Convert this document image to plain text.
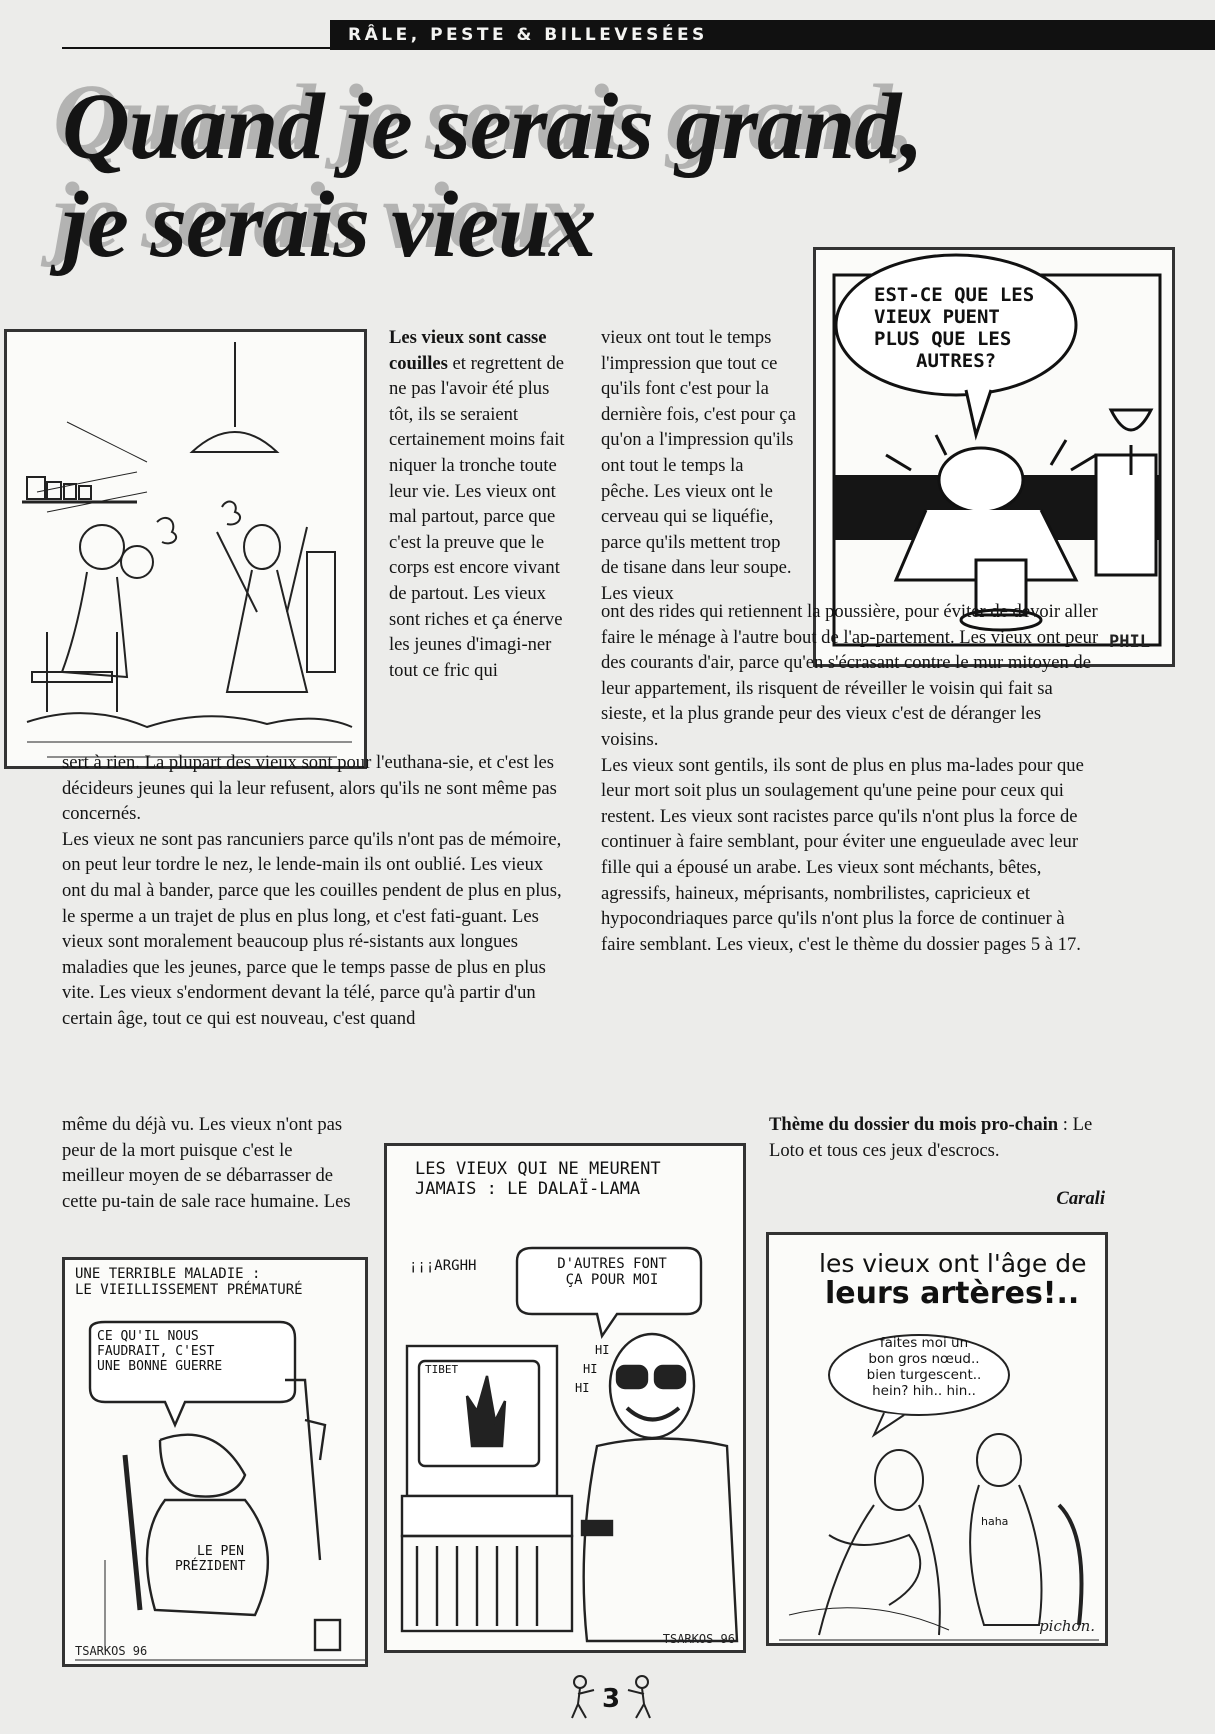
RÂLE, PESTE & BILLEVESÉES
Quand je serais grand,
je serais vieux
EST-CE QUE LES
VIEUX PUENT
PLUS QUE LES
AUTRES?
PHIL
UNE TERRIBLE MALADIE :
LE VIEILLISSEMENT PRÉMATURÉ
CE QU'IL NOUS
FAUDRAIT, C'EST
UNE BONNE GUERRE
LE PEN
PRÉZIDENT
TSARKOS 96
LES VIEUX QUI NE MEURENT
JAMAIS : LE DALAÏ-LAMA
¡¡¡ARGHH	D'AUTRES FONT
ÇA POUR MOI
TIBET
HI
HI
HI
TSARKOS 96
les vieux ont l'âge de
leurs artères!..
faites moi un
bon gros nœud..
bien turgescent..
hein? hih.. hin..
haha
pichon.
Les vieux sont casse couilles et regrettent de ne pas l'avoir été plus tôt, ils se seraient certainement moins fait niquer la tronche toute leur vie. Les vieux ont mal partout, parce que c'est la preuve que le corps est encore vivant de partout. Les vieux sont riches et ça énerve les jeunes d'imagi-ner tout ce fric qui
vieux ont tout le temps l'impression que tout ce qu'ils font c'est pour la dernière fois, c'est pour ça qu'on a l'impression qu'ils ont tout le temps la pêche. Les vieux ont le cerveau qui se liquéfie, parce qu'ils mettent trop de tisane dans leur soupe. Les vieux

sert à rien. La plupart des vieux sont pour l'euthana-sie, et c'est les décideurs jeunes qui la leur refusent, alors qu'ils ne sont même pas concernés.

Les vieux ne sont pas rancuniers parce qu'ils n'ont pas de mémoire, on peut leur tordre le nez, le lende-main ils ont oublié. Les vieux ont du mal à bander, parce que les couilles pendent de plus en plus, le sperme a un trajet de plus en plus long, et c'est fati-guant. Les vieux sont moralement beaucoup plus ré-sistants aux longues maladies que les jeunes, parce que le temps passe de plus en plus vite. Les vieux s'endorment devant la télé, parce qu'à partir d'un certain âge, tout ce qui est nouveau, c'est quand

même du déjà vu. Les vieux n'ont pas peur de la mort puisque c'est le meilleur moyen de se débarrasser de cette pu-tain de sale race humaine. Les

ont des rides qui retiennent la poussière, pour éviter de devoir aller faire le ménage à l'autre bout de l'ap-partement. Les vieux ont peur des courants d'air, parce qu'en s'écrasant contre le mur mitoyen de leur appartement, ils risquent de réveiller le voisin qui fait sa sieste, et la plus grande peur des vieux c'est de déranger les voisins.

Les vieux sont gentils, ils sont de plus en plus ma-lades pour que leur mort soit plus un soulagement qu'une peine pour ceux qui restent. Les vieux sont racistes parce qu'ils n'ont plus la force de continuer à faire semblant, pour éviter une engueulade avec leur fille qui a épousé un arabe. Les vieux sont méchants, bêtes, agressifs, haineux, méprisants, nombrilistes, capricieux et hypocondriaques parce qu'ils n'ont plus la force de continuer à faire semblant. Les vieux, c'est le thème du dossier pages 5 à 17.

Thème du dossier du mois pro-chain : Le Loto et tous ces jeux d'escrocs.
Carali
3
